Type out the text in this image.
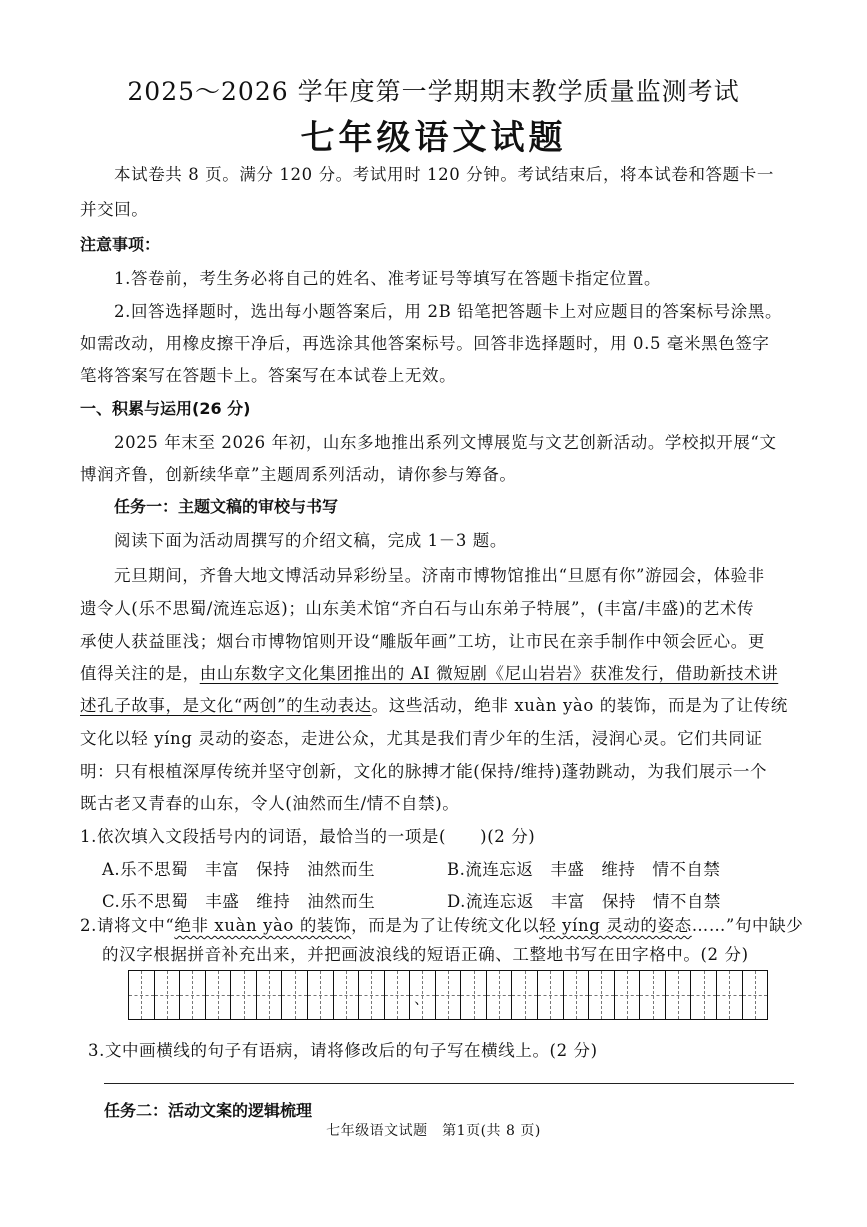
2025～2026 学年度第一学期期末教学质量监测考试
七年级语文试题
本试卷共 8 页。满分 120 分。考试用时 120 分钟。考试结束后，将本试卷和答题卡一
并交回。
注意事项：
1.答卷前，考生务必将自己的姓名、准考证号等填写在答题卡指定位置。
2.回答选择题时，选出每小题答案后，用 2B 铅笔把答题卡上对应题目的答案标号涂黑。
如需改动，用橡皮擦干净后，再选涂其他答案标号。回答非选择题时，用 0.5 毫米黑色签字
笔将答案写在答题卡上。答案写在本试卷上无效。
一、积累与运用(26 分)
2025 年末至 2026 年初，山东多地推出系列文博展览与文艺创新活动。学校拟开展“文
博润齐鲁，创新续华章”主题周系列活动，请你参与筹备。
任务一：主题文稿的审校与书写
阅读下面为活动周撰写的介绍文稿，完成 1－3 题。
元旦期间，齐鲁大地文博活动异彩纷呈。济南市博物馆推出“旦愿有你”游园会，体验非
遗令人(乐不思蜀/流连忘返)；山东美术馆“齐白石与山东弟子特展”，(丰富/丰盛)的艺术传
承使人获益匪浅；烟台市博物馆则开设“雕版年画”工坊，让市民在亲手制作中领会匠心。更
值得关注的是，由山东数字文化集团推出的 AI 微短剧《尼山岩岩》获准发行，借助新技术讲
述孔子故事，是文化“两创”的生动表达。这些活动，绝非 xuàn yào 的装饰，而是为了让传统
文化以轻 yíng 灵动的姿态，走进公众，尤其是我们青少年的生活，浸润心灵。它们共同证
明：只有根植深厚传统并坚守创新，文化的脉搏才能(保持/维持)蓬勃跳动，为我们展示一个
既古老又青春的山东，令人(油然而生/情不自禁)。
1.依次填入文段括号内的词语，最恰当的一项是(　　)(2 分)
A.乐不思蜀　丰富　保持　油然而生	B.流连忘返　丰盛　维持　情不自禁
C.乐不思蜀　丰盛　维持　油然而生	D.流连忘返　丰富　保持　情不自禁
2.请将文中“绝非 xuàn yào 的装饰，而是为了让传统文化以轻 yíng 灵动的姿态……”句中缺少
的汉字根据拼音补充出来，并把画波浪线的短语正确、工整地书写在田字格中。(2 分)
、
3.文中画横线的句子有语病，请将修改后的句子写在横线上。(2 分)
任务二：活动文案的逻辑梳理
七年级语文试题　第1页(共 8 页)
